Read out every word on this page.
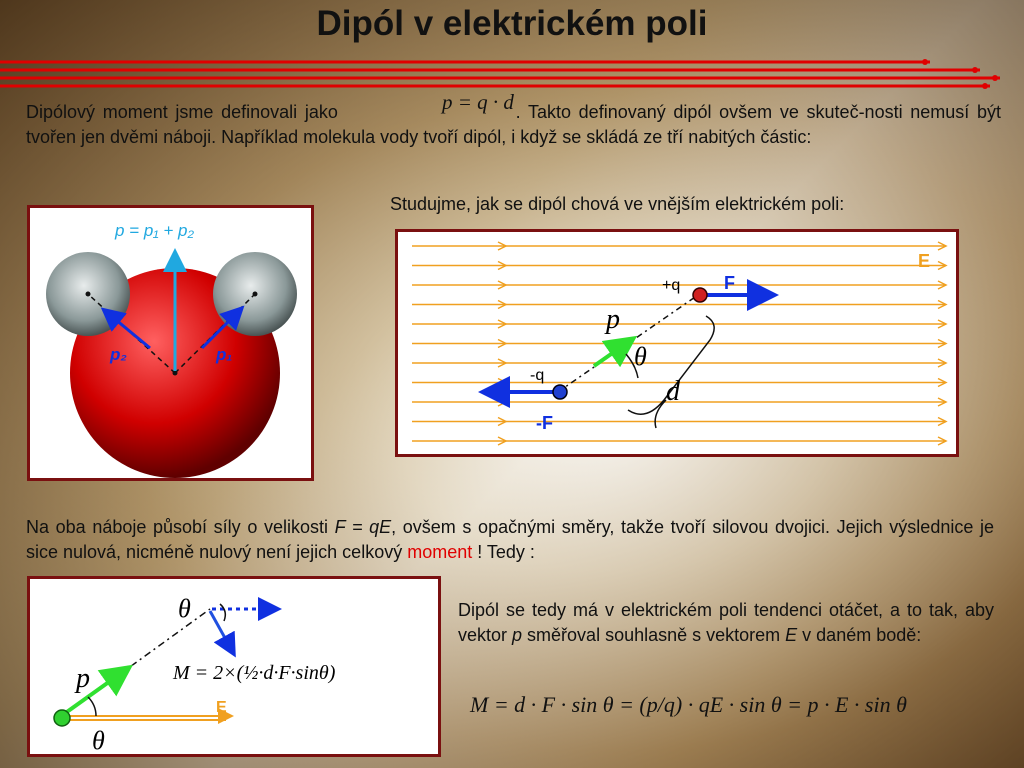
Dipól v elektrickém poli
Dipólový moment jsme definovali jako	. Takto definovaný dipól ovšem ve skuteč-nosti nemusí být tvořen jen dvěmi náboji. Například molekula vody tvoří dipól, i když se skládá ze tří nabitých částic:
p = q · d
Studujme, jak se dipól chová ve vnějším elektrickém poli:
p = p₁ + p₂
p₂	p₁
E
F
-F
+q
-q
p
θ
d
Na oba náboje působí síly o velikosti F = qE, ovšem s opačnými směry, takže tvoří silovou dvojici. Jejich výslednice je sice nulová, nicméně nulový není jejich celkový moment ! Tedy :
θ
θ
p
E
M = 2×(½·d·F·sinθ)
Dipól se tedy má v elektrickém poli tendenci otáčet, a to tak, aby vektor p směřoval souhlasně s vektorem E v daném bodě:
M = d · F · sin θ = (p/q) · qE · sin θ = p · E · sin θ
